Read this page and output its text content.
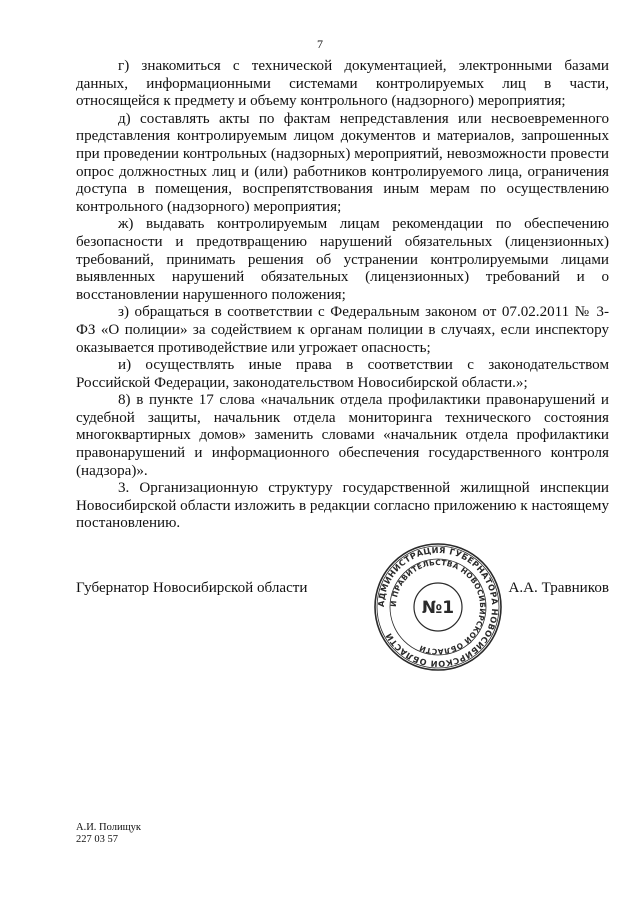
7

г) знакомиться с технической документацией, электронными базами данных, информационными системами контролируемых лиц в части, относящейся к предмету и объему контрольного (надзорного) мероприятия;

д) составлять акты по фактам непредставления или несвоевременного представления контролируемым лицом документов и материалов, запрошенных при проведении контрольных (надзорных) мероприятий, невозможности провести опрос должностных лиц и (или) работников контролируемого лица, ограничения доступа в помещения, воспрепятствования иным мерам по осуществлению контрольного (надзорного) мероприятия;

ж) выдавать контролируемым лицам рекомендации по обеспечению безопасности и предотвращению нарушений обязательных (лицензионных) требований, принимать решения об устранении контролируемыми лицами выявленных нарушений обязательных (лицензионных) требований и о восстановлении нарушенного положения;

з) обращаться в соответствии с Федеральным законом от 07.02.2011 № 3-ФЗ «О полиции» за содействием к органам полиции в случаях, если инспектору оказывается противодействие или угрожает опасность;

и) осуществлять иные права в соответствии с законодательством Российской Федерации, законодательством Новосибирской области.»;

8) в пункте 17 слова «начальник отдела профилактики правонарушений и судебной защиты, начальник отдела мониторинга технического состояния многоквартирных домов» заменить словами «начальник отдела профилактики правонарушений и информационного обеспечения государственного контроля (надзора)».

3. Организационную структуру государственной жилищной инспекции Новосибирской области изложить в редакции согласно приложению к настоящему постановлению.

Губернатор Новосибирской области	А.А. Травников
АДМИНИСТРАЦИЯ ГУБЕРНАТОРА НОВОСИБИРСКОЙ ОБЛАСТИ
И ПРАВИТЕЛЬСТВА НОВОСИБИРСКОЙ ОБЛАСТИ
№1
А.И. Полищук
227 03 57
